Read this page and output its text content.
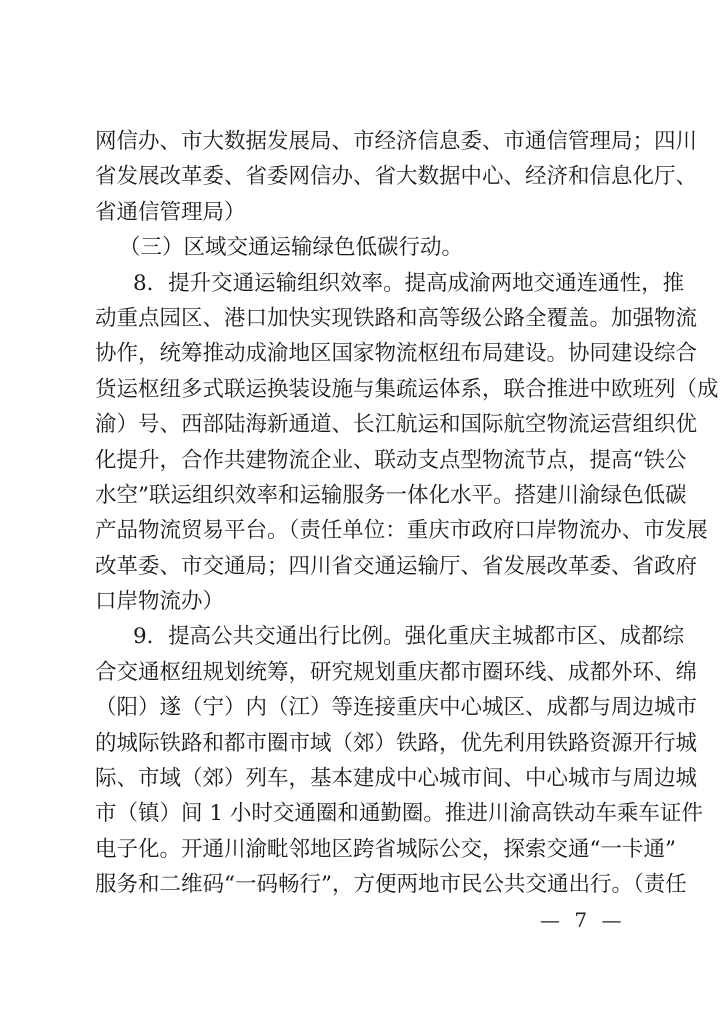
网信办、市大数据发展局、市经济信息委、市通信管理局；四川
省发展改革委、省委网信办、省大数据中心、经济和信息化厅、
省通信管理局）
（三）区域交通运输绿色低碳行动。
8．提升交通运输组织效率。提高成渝两地交通连通性，推
动重点园区、港口加快实现铁路和高等级公路全覆盖。加强物流
协作，统筹推动成渝地区国家物流枢纽布局建设。协同建设综合
货运枢纽多式联运换装设施与集疏运体系，联合推进中欧班列（成
渝）号、西部陆海新通道、长江航运和国际航空物流运营组织优
化提升，合作共建物流企业、联动支点型物流节点，提高“铁公
水空”联运组织效率和运输服务一体化水平。搭建川渝绿色低碳
产品物流贸易平台。（责任单位：重庆市政府口岸物流办、市发展
改革委、市交通局；四川省交通运输厅、省发展改革委、省政府
口岸物流办）
9．提高公共交通出行比例。强化重庆主城都市区、成都综
合交通枢纽规划统筹，研究规划重庆都市圈环线、成都外环、绵
（阳）遂（宁）内（江）等连接重庆中心城区、成都与周边城市
的城际铁路和都市圈市域（郊）铁路，优先利用铁路资源开行城
际、市域（郊）列车，基本建成中心城市间、中心城市与周边城
市（镇）间 1 小时交通圈和通勤圈。推进川渝高铁动车乘车证件
电子化。开通川渝毗邻地区跨省城际公交，探索交通“一卡通”
服务和二维码“一码畅行”，方便两地市民公共交通出行。（责任
— 7 —
